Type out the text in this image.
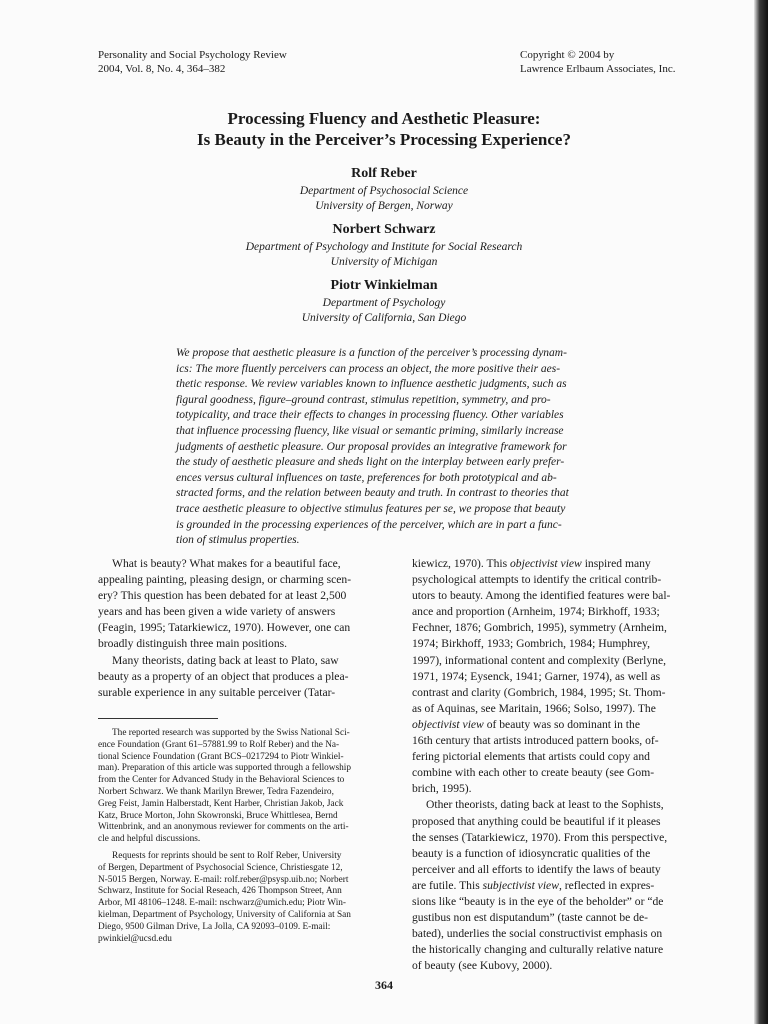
Personality and Social Psychology Review
2004, Vol. 8, No. 4, 364–382
Copyright © 2004 by
Lawrence Erlbaum Associates, Inc.
Processing Fluency and Aesthetic Pleasure:
Is Beauty in the Perceiver’s Processing Experience?
Rolf Reber
Department of Psychosocial Science
University of Bergen, Norway
Norbert Schwarz
Department of Psychology and Institute for Social Research
University of Michigan
Piotr Winkielman
Department of Psychology
University of California, San Diego
We propose that aesthetic pleasure is a function of the perceiver’s processing dynam-
ics: The more fluently perceivers can process an object, the more positive their aes-
thetic response. We review variables known to influence aesthetic judgments, such as
figural goodness, figure–ground contrast, stimulus repetition, symmetry, and pro-
totypicality, and trace their effects to changes in processing fluency. Other variables
that influence processing fluency, like visual or semantic priming, similarly increase
judgments of aesthetic pleasure. Our proposal provides an integrative framework for
the study of aesthetic pleasure and sheds light on the interplay between early prefer-
ences versus cultural influences on taste, preferences for both prototypical and ab-
stracted forms, and the relation between beauty and truth. In contrast to theories that
trace aesthetic pleasure to objective stimulus features per se, we propose that beauty
is grounded in the processing experiences of the perceiver, which are in part a func-
tion of stimulus properties.
What is beauty? What makes for a beautiful face,
appealing painting, pleasing design, or charming scen-
ery? This question has been debated for at least 2,500
years and has been given a wide variety of answers
(Feagin, 1995; Tatarkiewicz, 1970). However, one can
broadly distinguish three main positions.
Many theorists, dating back at least to Plato, saw
beauty as a property of an object that produces a plea-
surable experience in any suitable perceiver (Tatar-
The reported research was supported by the Swiss National Sci-
ence Foundation (Grant 61–57881.99 to Rolf Reber) and the Na-
tional Science Foundation (Grant BCS–0217294 to Piotr Winkiel-
man). Preparation of this article was supported through a fellowship
from the Center for Advanced Study in the Behavioral Sciences to
Norbert Schwarz. We thank Marilyn Brewer, Tedra Fazendeiro,
Greg Feist, Jamin Halberstadt, Kent Harber, Christian Jakob, Jack
Katz, Bruce Morton, John Skowronski, Bruce Whittlesea, Bernd
Wittenbrink, and an anonymous reviewer for comments on the arti-
cle and helpful discussions.
Requests for reprints should be sent to Rolf Reber, University
of Bergen, Department of Psychosocial Science, Christiesgate 12,
N-5015 Bergen, Norway. E-mail: rolf.reber@psysp.uib.no; Norbert
Schwarz, Institute for Social Reseach, 426 Thompson Street, Ann
Arbor, MI 48106–1248. E-mail: nschwarz@umich.edu; Piotr Win-
kielman, Department of Psychology, University of California at San
Diego, 9500 Gilman Drive, La Jolla, CA 92093–0109. E-mail:
pwinkiel@ucsd.edu
kiewicz, 1970). This objectivist view inspired many
psychological attempts to identify the critical contrib-
utors to beauty. Among the identified features were bal-
ance and proportion (Arnheim, 1974; Birkhoff, 1933;
Fechner, 1876; Gombrich, 1995), symmetry (Arnheim,
1974; Birkhoff, 1933; Gombrich, 1984; Humphrey,
1997), informational content and complexity (Berlyne,
1971, 1974; Eysenck, 1941; Garner, 1974), as well as
contrast and clarity (Gombrich, 1984, 1995; St. Thom-
as of Aquinas, see Maritain, 1966; Solso, 1997). The
objectivist view of beauty was so dominant in the
16th century that artists introduced pattern books, of-
fering pictorial elements that artists could copy and
combine with each other to create beauty (see Gom-
brich, 1995).
Other theorists, dating back at least to the Sophists,
proposed that anything could be beautiful if it pleases
the senses (Tatarkiewicz, 1970). From this perspective,
beauty is a function of idiosyncratic qualities of the
perceiver and all efforts to identify the laws of beauty
are futile. This subjectivist view, reflected in expres-
sions like “beauty is in the eye of the beholder” or “de
gustibus non est disputandum” (taste cannot be de-
bated), underlies the social constructivist emphasis on
the historically changing and culturally relative nature
of beauty (see Kubovy, 2000).
364
